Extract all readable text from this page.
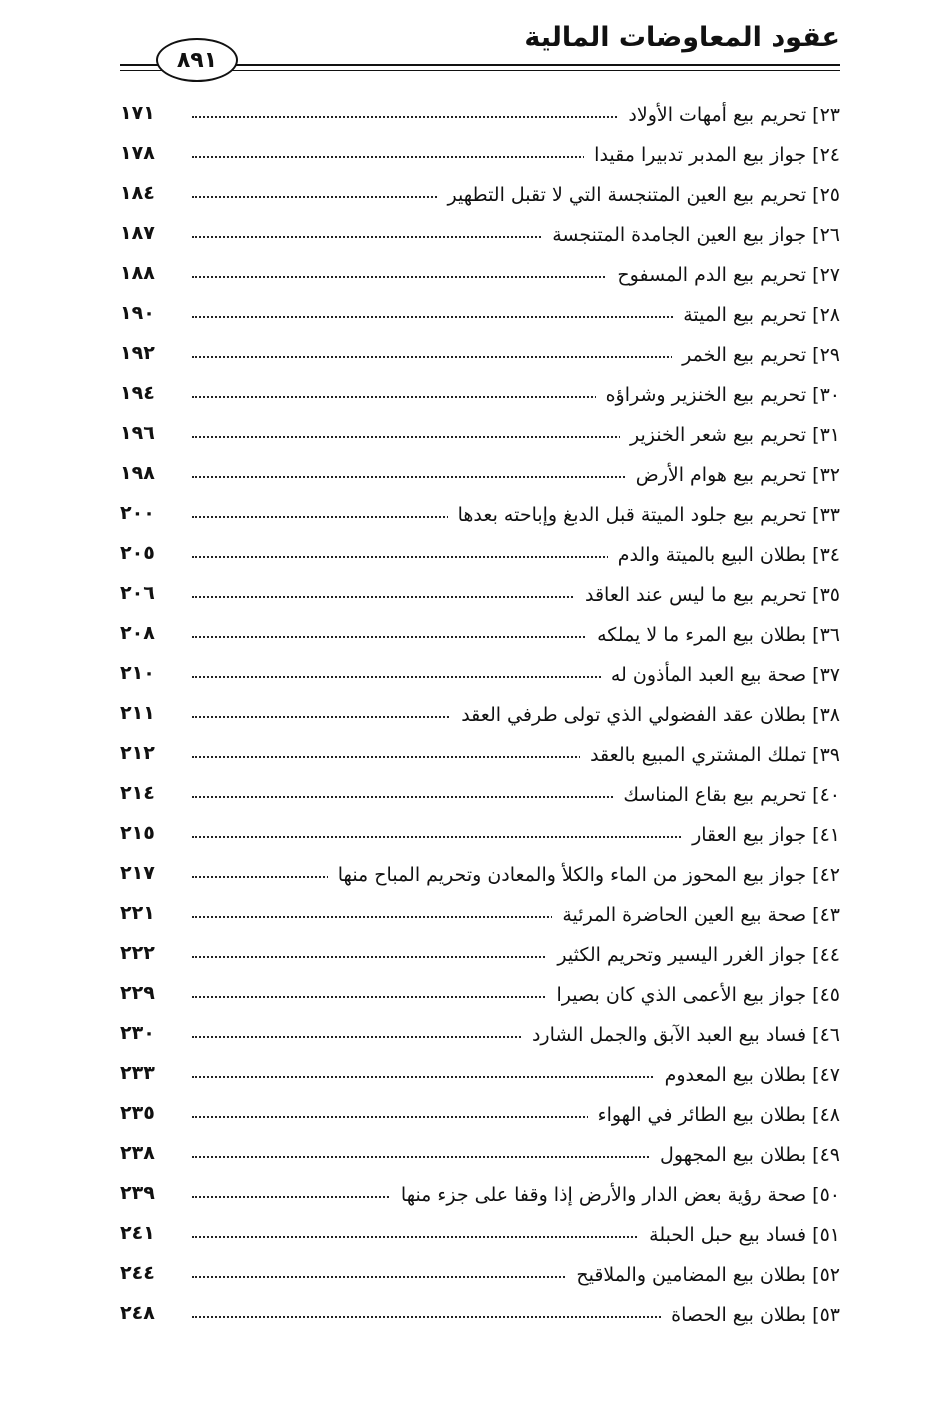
عقود المعاوضات المالية
٨٩١
٢٣] تحريم بيع أمهات الأولاد
١٧١
٢٤] جواز بيع المدبر تدبيرا مقيدا
١٧٨
٢٥] تحريم بيع العين المتنجسة التي لا تقبل التطهير
١٨٤
٢٦] جواز بيع العين الجامدة المتنجسة
١٨٧
٢٧] تحريم بيع الدم المسفوح
١٨٨
٢٨] تحريم بيع الميتة
١٩٠
٢٩] تحريم بيع الخمر
١٩٢
٣٠] تحريم بيع الخنزير وشراؤه
١٩٤
٣١] تحريم بيع شعر الخنزير
١٩٦
٣٢] تحريم بيع هوام الأرض
١٩٨
٣٣] تحريم بيع جلود الميتة قبل الدبغ وإباحته بعدها
٢٠٠
٣٤] بطلان البيع بالميتة والدم
٢٠٥
٣٥] تحريم بيع ما ليس عند العاقد
٢٠٦
٣٦] بطلان بيع المرء ما لا يملكه
٢٠٨
٣٧] صحة بيع العبد المأذون له
٢١٠
٣٨] بطلان عقد الفضولي الذي تولى طرفي العقد
٢١١
٣٩] تملك المشتري المبيع بالعقد
٢١٢
٤٠] تحريم بيع بقاع المناسك
٢١٤
٤١] جواز بيع العقار
٢١٥
٤٢] جواز بيع المحوز من الماء والكلأ والمعادن وتحريم المباح منها
٢١٧
٤٣] صحة بيع العين الحاضرة المرئية
٢٢١
٤٤] جواز الغرر اليسير وتحريم الكثير
٢٢٢
٤٥] جواز بيع الأعمى الذي كان بصيرا
٢٢٩
٤٦] فساد بيع العبد الآبق والجمل الشارد
٢٣٠
٤٧] بطلان بيع المعدوم
٢٣٣
٤٨] بطلان بيع الطائر في الهواء
٢٣٥
٤٩] بطلان بيع المجهول
٢٣٨
٥٠] صحة رؤية بعض الدار والأرض إذا وقفا على جزء منها
٢٣٩
٥١] فساد بيع حبل الحبلة
٢٤١
٥٢] بطلان بيع المضامين والملاقيح
٢٤٤
٥٣] بطلان بيع الحصاة
٢٤٨
